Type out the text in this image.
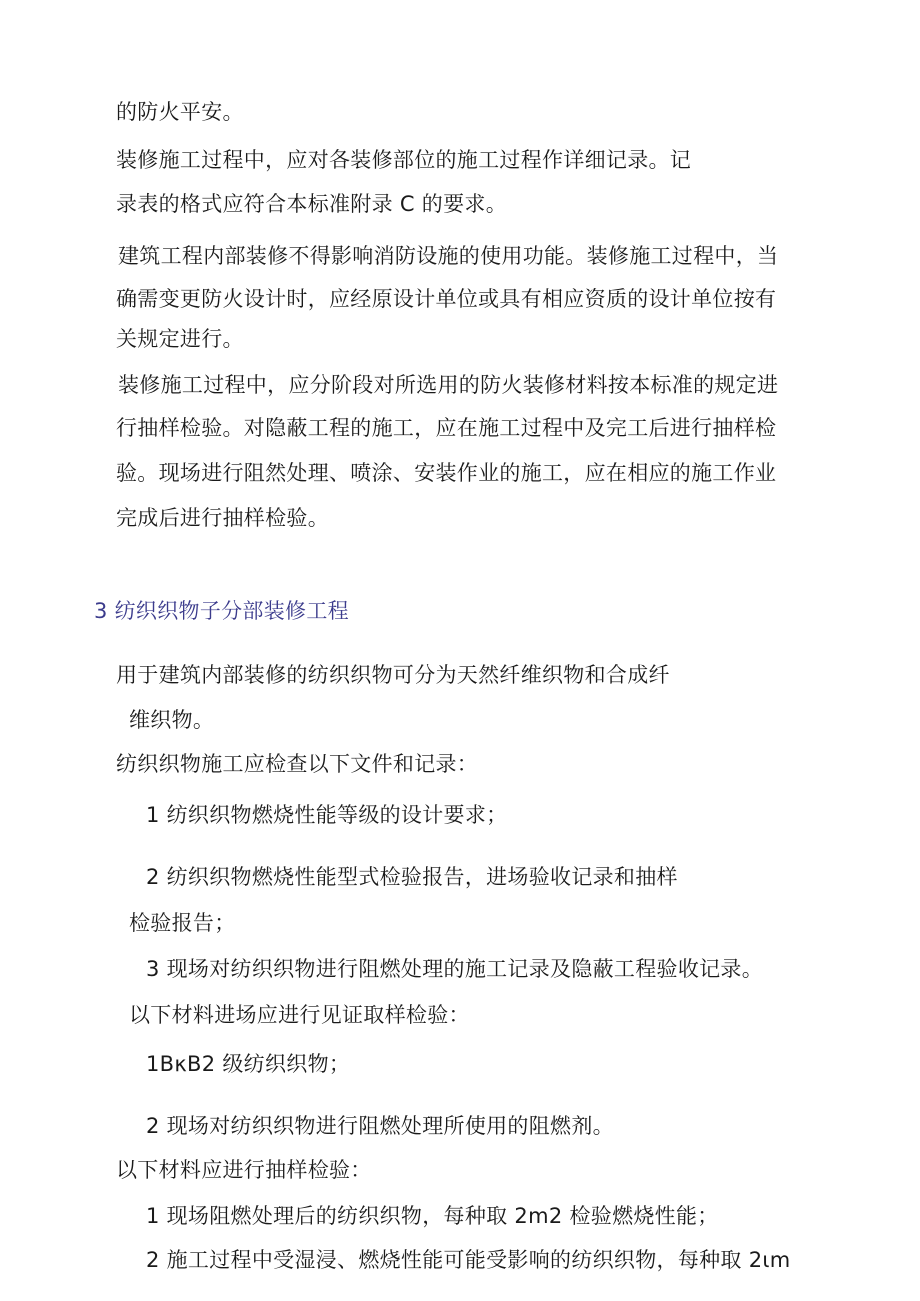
的防火平安。

装修施工过程中，应对各装修部位的施工过程作详细记录。记

录表的格式应符合本标准附录 C 的要求。

建筑工程内部装修不得影响消防设施的使用功能。装修施工过程中，当

确需变更防火设计时，应经原设计单位或具有相应资质的设计单位按有

关规定进行。

装修施工过程中，应分阶段对所选用的防火装修材料按本标准的规定进

行抽样检验。对隐蔽工程的施工，应在施工过程中及完工后进行抽样检

验。现场进行阻然处理、喷涂、安装作业的施工，应在相应的施工作业

完成后进行抽样检验。

3 纺织织物子分部装修工程

用于建筑内部装修的纺织织物可分为天然纤维织物和合成纤

维织物。

纺织织物施工应检查以下文件和记录：

1 纺织织物燃烧性能等级的设计要求；

2 纺织织物燃烧性能型式检验报告，进场验收记录和抽样

检验报告；

3 现场对纺织织物进行阻燃处理的施工记录及隐蔽工程验收记录。

以下材料进场应进行见证取样检验：

1BκB2 级纺织织物；

2 现场对纺织织物进行阻燃处理所使用的阻燃剂。

以下材料应进行抽样检验：

1 现场阻燃处理后的纺织织物，每种取 2m2 检验燃烧性能；

2 施工过程中受湿浸、燃烧性能可能受影响的纺织织物，每种取 2ιm
